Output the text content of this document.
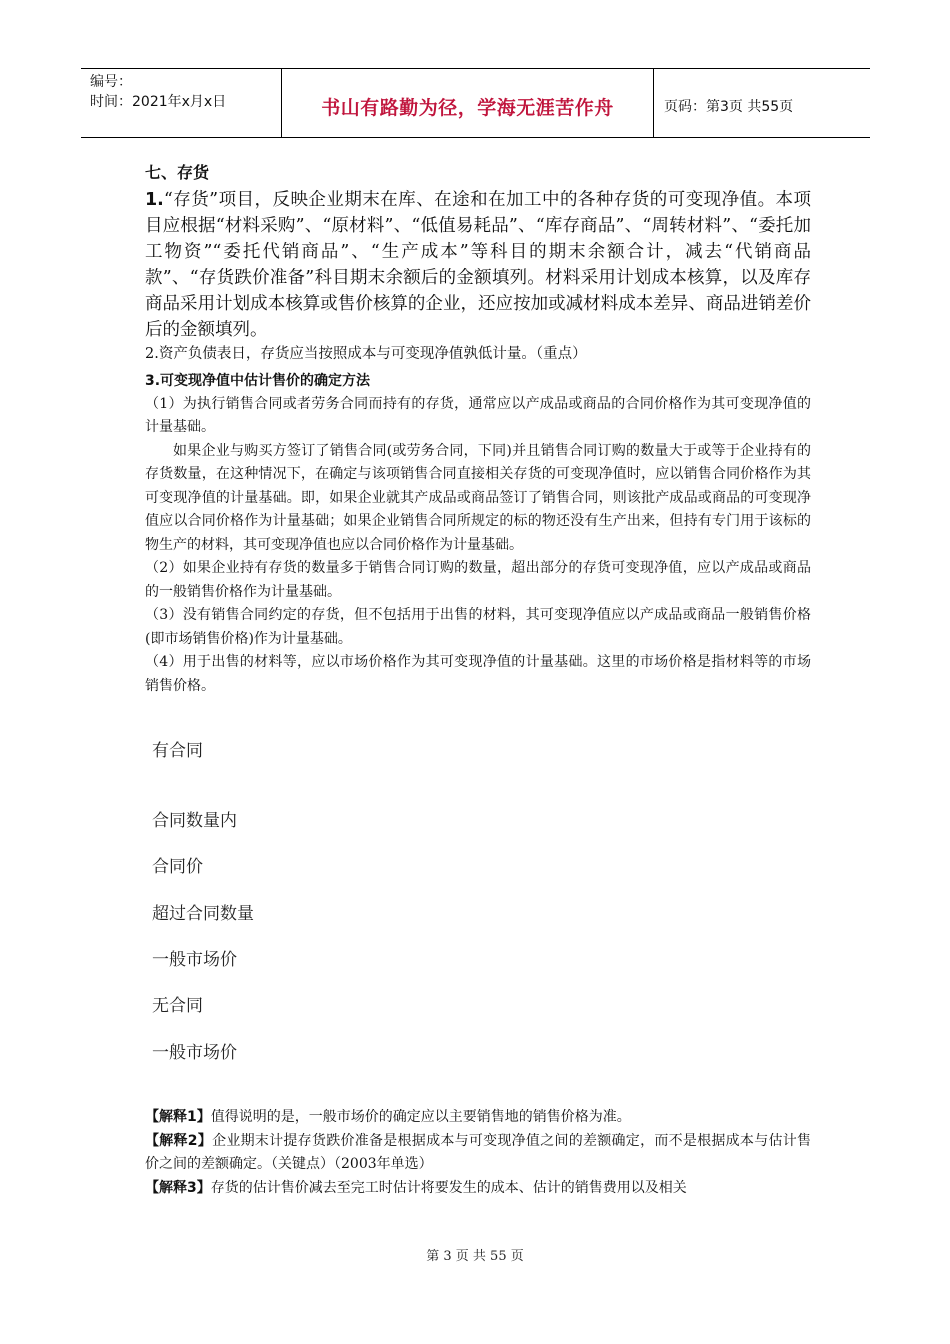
编号：
时间：2021年x月x日	书山有路勤为径，学海无涯苦作舟	页码：第3页 共55页
七、存货

1.“存货”项目，反映企业期末在库、在途和在加工中的各种存货的可变现净值。本项目应根据“材料采购”、“原材料”、“低值易耗品”、“库存商品”、“周转材料”、“委托加工物资”“委托代销商品”、“生产成本”等科目的期末余额合计，减去“代销商品款”、“存货跌价准备”科目期末余额后的金额填列。材料采用计划成本核算，以及库存商品采用计划成本核算或售价核算的企业，还应按加或减材料成本差异、商品进销差价后的金额填列。

2.资产负债表日，存货应当按照成本与可变现净值孰低计量。（重点）

3.可变现净值中估计售价的确定方法

（1）为执行销售合同或者劳务合同而持有的存货，通常应以产成品或商品的合同价格作为其可变现净值的计量基础。

如果企业与购买方签订了销售合同(或劳务合同，下同)并且销售合同订购的数量大于或等于企业持有的存货数量，在这种情况下，在确定与该项销售合同直接相关存货的可变现净值时，应以销售合同价格作为其可变现净值的计量基础。即，如果企业就其产成品或商品签订了销售合同，则该批产成品或商品的可变现净值应以合同价格作为计量基础；如果企业销售合同所规定的标的物还没有生产出来，但持有专门用于该标的物生产的材料，其可变现净值也应以合同价格作为计量基础。

（2）如果企业持有存货的数量多于销售合同订购的数量，超出部分的存货可变现净值，应以产成品或商品的一般销售价格作为计量基础。

（3）没有销售合同约定的存货，但不包括用于出售的材料，其可变现净值应以产成品或商品一般销售价格(即市场销售价格)作为计量基础。

（4）用于出售的材料等，应以市场价格作为其可变现净值的计量基础。这里的市场价格是指材料等的市场销售价格。

有合同
合同数量内
合同价
超过合同数量
一般市场价
无合同
一般市场价

【解释1】值得说明的是，一般市场价的确定应以主要销售地的销售价格为准。

【解释2】企业期末计提存货跌价准备是根据成本与可变现净值之间的差额确定，而不是根据成本与估计售价之间的差额确定。（关键点）（2003年单选）

【解释3】存货的估计售价减去至完工时估计将要发生的成本、估计的销售费用以及相关

第 3 页 共 55 页
